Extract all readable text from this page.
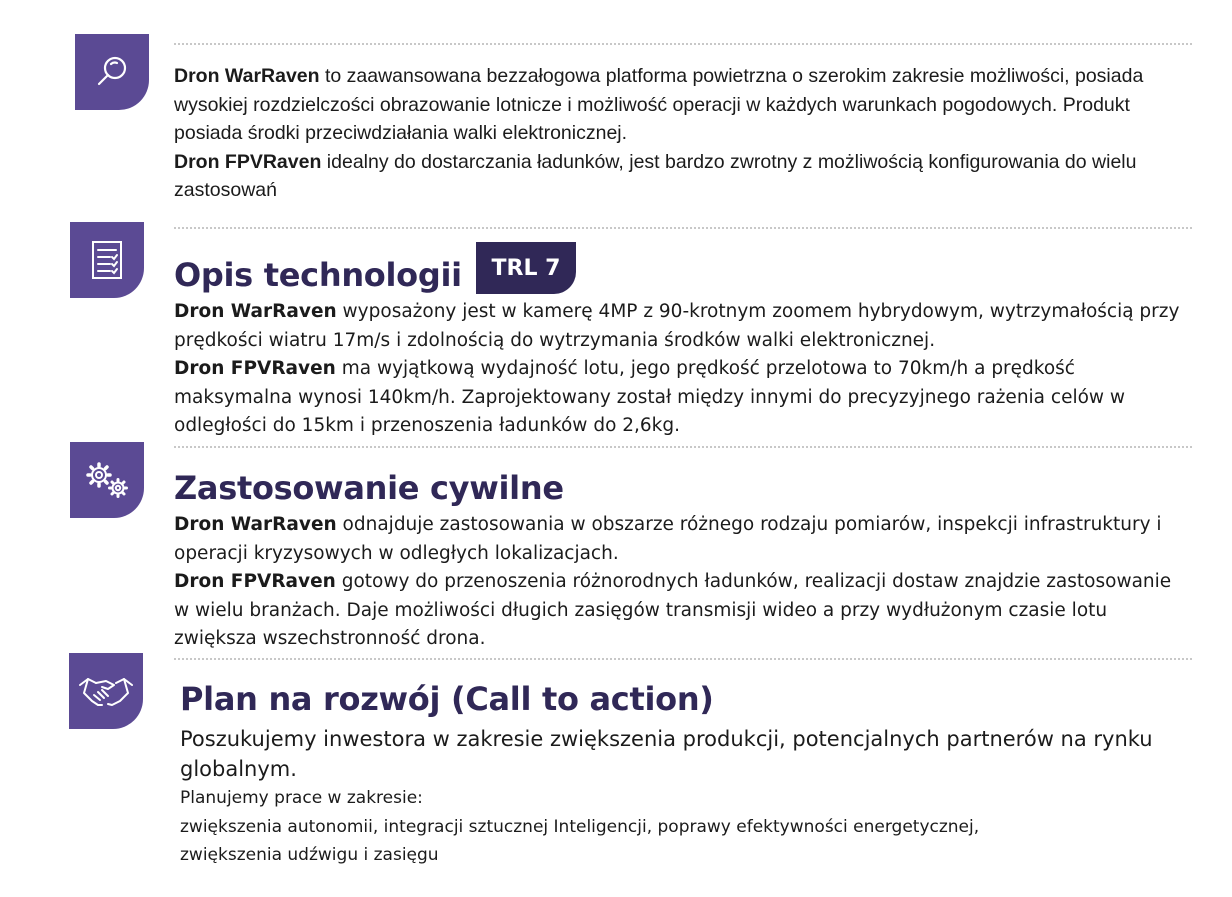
Dron WarRaven to zaawansowana bezzałogowa platforma powietrzna o szerokim zakresie możliwości, posiada wysokiej rozdzielczości obrazowanie lotnicze i możliwość operacji w każdych warunkach pogodowych. Produkt posiada środki przeciwdziałania walki elektronicznej.

Dron FPVRaven idealny do dostarczania ładunków, jest bardzo zwrotny z możliwością konfigurowania do wielu zastosowań

Opis technologii	TRL 7

Dron WarRaven wyposażony jest w kamerę 4MP z 90-krotnym zoomem hybrydowym, wytrzymałością przy prędkości wiatru 17m/s i zdolnością do wytrzymania środków walki elektronicznej.

Dron FPVRaven ma wyjątkową wydajność lotu, jego prędkość przelotowa to 70km/h a prędkość maksymalna wynosi 140km/h. Zaprojektowany został między innymi do precyzyjnego rażenia celów w odległości do 15km i przenoszenia ładunków do 2,6kg.

Zastosowanie cywilne

Dron WarRaven odnajduje zastosowania w obszarze różnego rodzaju pomiarów, inspekcji infrastruktury i operacji kryzysowych w odległych lokalizacjach.

Dron FPVRaven gotowy do przenoszenia różnorodnych ładunków, realizacji dostaw znajdzie zastosowanie w wielu branżach. Daje możliwości długich zasięgów transmisji wideo a przy wydłużonym czasie lotu zwiększa wszechstronność drona.

Plan na rozwój (Call to action)

Poszukujemy inwestora w zakresie zwiększenia produkcji, potencjalnych partnerów na rynku globalnym.

Planujemy prace w zakresie:

zwiększenia autonomii, integracji sztucznej Inteligencji, poprawy efektywności energetycznej, zwiększenia udźwigu i zasięgu
